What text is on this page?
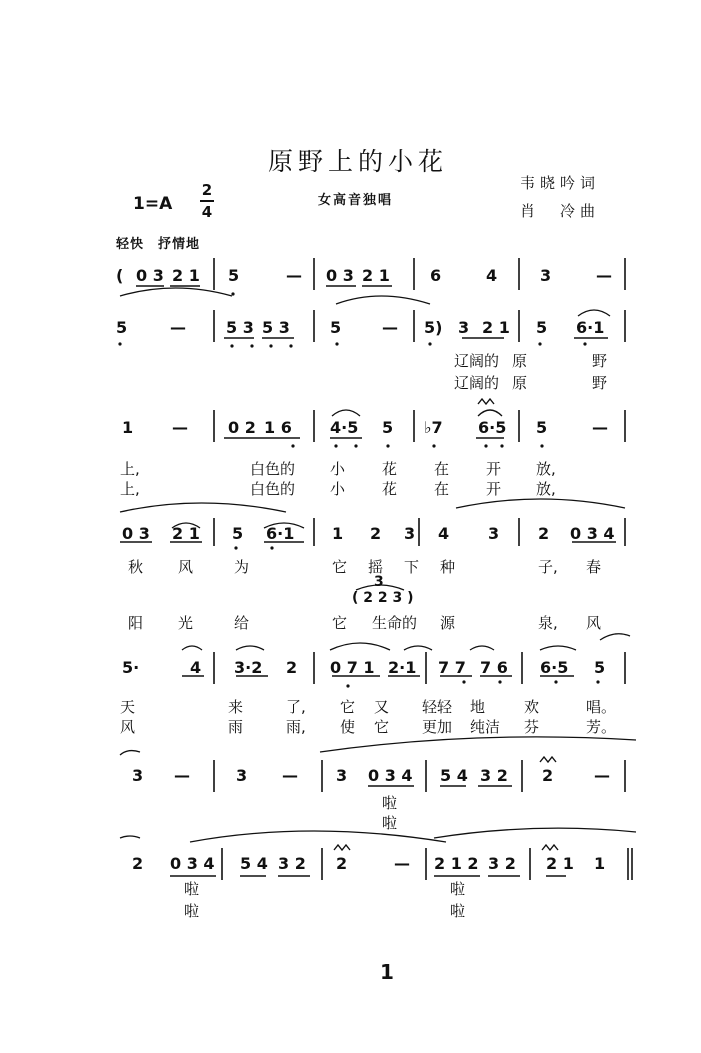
原野上的小花
韦晓吟词
肖　冷曲
女高音独唱
1=A
2
4
轻快　抒情地
( 0 3 2 1 5	— 0 3 2 1	6	4	3	—
5	—	5 3 5 3	5	— 5) 3 2 1 5 6·1
辽阔的 原	野
辽阔的 原	野
1 —	0 2 1 6 4·5 5 ♭7 6·5 5	—
上,	白色的 小 花 在 开 放,
上,	白色的 小 花 在 开 放,
0 3 2 1 5 6·1 1 2 3 4 3 2 0 3 4
秋 风	为	它 摇 下 种	子, 春
阳 光	给	它 生命的 源	泉, 风
( 2 2 3 )
3
5·	4 3·2 2 0 7 1 2·1 7 7 7 6 6·5 5
天	来	了, 它 又 轻轻 地	欢	唱。
风	雨	雨, 使 它 更加 纯洁 芬	芳。
3 —	3 — 3 0 3 4 5 4 3 2 2	—
啦
啦
2 0 3 4 5 4 3 2 2	— 2 1 2 3 2 2 1 1
啦	啦
啦	啦
1
